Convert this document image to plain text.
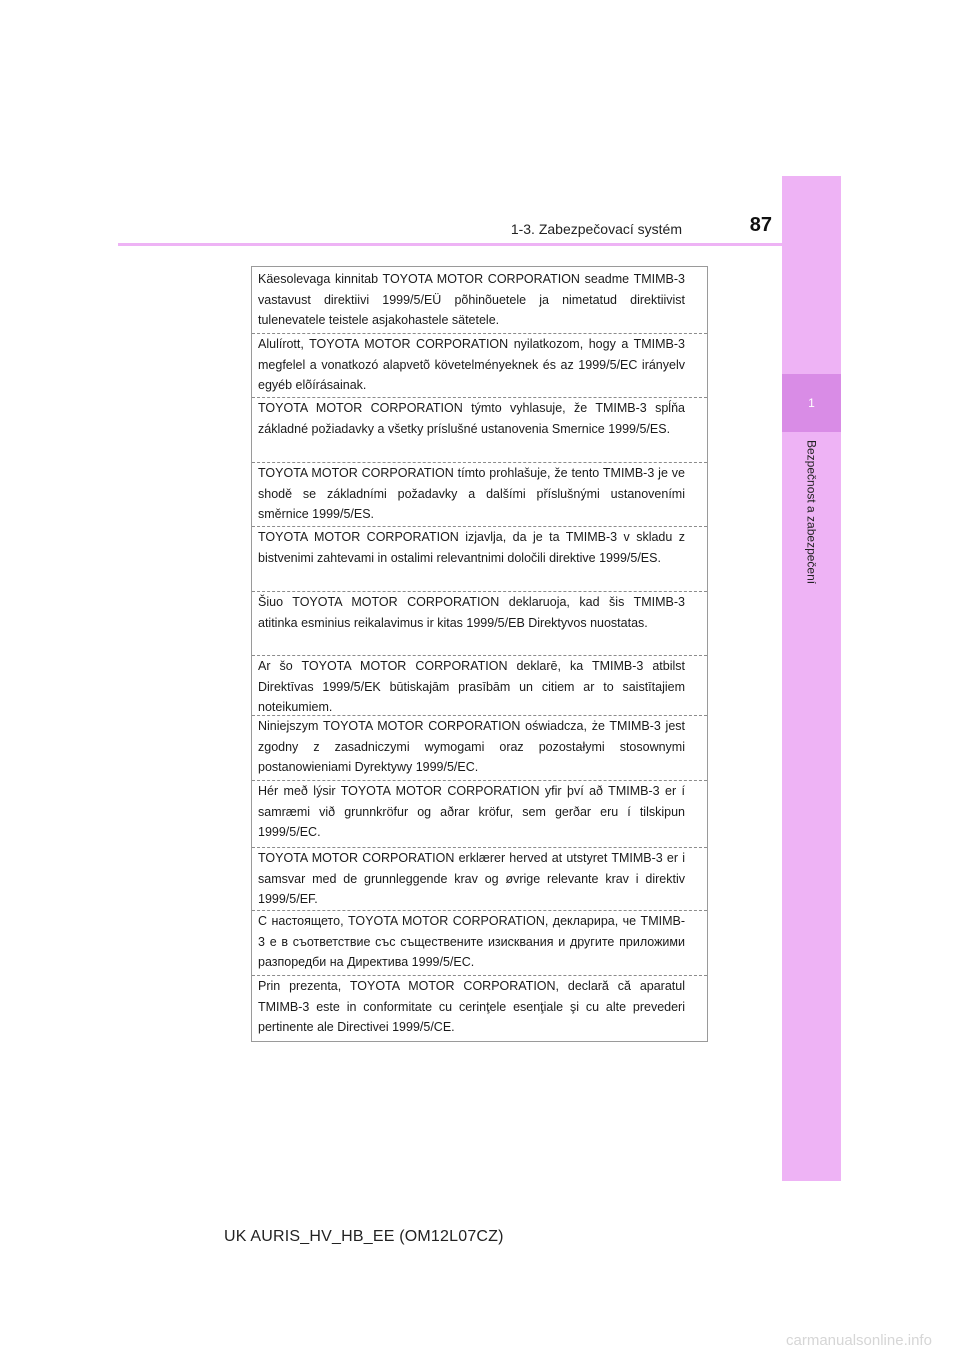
1
Bezpečnost a zabezpečení
1-3. Zabezpečovací systém	87
Käesolevaga kinnitab TOYOTA MOTOR CORPORATION seadme TMIMB-3 vastavust direktiivi 1999/5/EÜ põhinõuetele ja nimetatud direktiivist tulenevatele teistele asjakohastele sätetele.
Alulírott, TOYOTA MOTOR CORPORATION nyilatkozom, hogy a TMIMB-3 megfelel a vonatkozó alapvetõ követelményeknek és az 1999/5/EC irányelv egyéb elõírásainak.
TOYOTA MOTOR CORPORATION týmto vyhlasuje, že TMIMB-3 spĺňa základné požiadavky a všetky príslušné ustanovenia Smernice 1999/5/ES.
TOYOTA MOTOR CORPORATION tímto prohlašuje, že tento TMIMB-3 je ve shodě se základními požadavky a dalšími příslušnými ustanoveními směrnice 1999/5/ES.
TOYOTA MOTOR CORPORATION izjavlja, da je ta TMIMB-3 v skladu z bistvenimi zahtevami in ostalimi relevantnimi določili direktive 1999/5/ES.
Šiuo TOYOTA MOTOR CORPORATION deklaruoja, kad šis TMIMB-3 atitinka esminius reikalavimus ir kitas 1999/5/EB Direktyvos nuostatas.
Ar šo TOYOTA MOTOR CORPORATION deklarē, ka TMIMB-3 atbilst Direktīvas 1999/5/EK būtiskajām prasībām un citiem ar to saistītajiem noteikumiem.
Niniejszym TOYOTA MOTOR CORPORATION oświadcza, że TMIMB-3 jest zgodny z zasadniczymi wymogami oraz pozostałymi stosownymi postanowieniami Dyrektywy 1999/5/EC.
Hér með lýsir TOYOTA MOTOR CORPORATION yfir því að TMIMB-3 er í samræmi við grunnkröfur og aðrar kröfur, sem gerðar eru í tilskipun 1999/5/EC.
TOYOTA MOTOR CORPORATION erklærer herved at utstyret TMIMB-3 er i samsvar med de grunnleggende krav og øvrige relevante krav i direktiv 1999/5/EF.
С настоящето, TOYOTA MOTOR CORPORATION, декларира, че TMIMB-3 е в съответствие със съществените изисквания и другите приложими разпоредби на Директива 1999/5/ЕС.
Prin prezenta, TOYOTA MOTOR CORPORATION, declară că aparatul TMIMB-3 este in conformitate cu cerinţele esenţiale şi cu alte prevederi pertinente ale Directivei 1999/5/CE.
UK AURIS_HV_HB_EE (OM12L07CZ)
carmanualsonline.info
